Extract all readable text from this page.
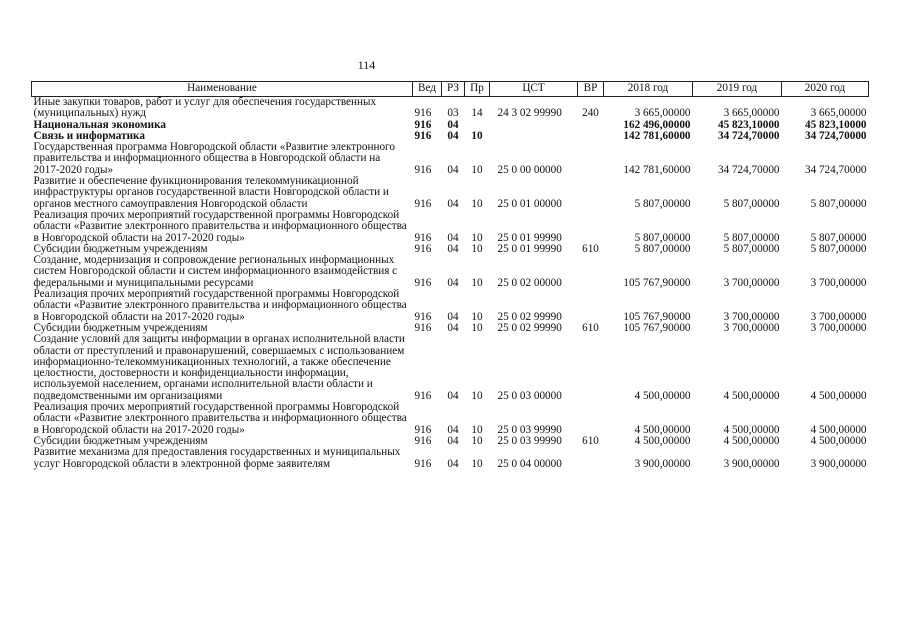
114
Наименование	Вед	РЗ	Пр	ЦСТ	ВР	2018 год	2019 год	2020 год
Иные закупки товаров, работ и услуг для обеспечения государственных (муниципальных) нужд	916	03	14	24 3 02 99990	240	3 665,00000	3 665,00000	3 665,00000
Национальная экономика	916	04				162 496,00000	45 823,10000	45 823,10000
Связь и информатика	916	04	10			142 781,60000	34 724,70000	34 724,70000
Государственная программа Новгородской области «Развитие электронного правительства и информационного общества в Новгородской области на 2017-2020 годы»	916	04	10	25 0 00 00000		142 781,60000	34 724,70000	34 724,70000
Развитие и обеспечение функционирования телекоммуникационной инфраструктуры органов государственной власти Новгородской области и органов местного самоуправления Новгородской области	916	04	10	25 0 01 00000		5 807,00000	5 807,00000	5 807,00000
Реализация прочих мероприятий государственной программы Новгородской области «Развитие электронного правительства и информационного общества в Новгородской области на 2017-2020 годы»	916	04	10	25 0 01 99990		5 807,00000	5 807,00000	5 807,00000
Субсидии бюджетным учреждениям	916	04	10	25 0 01 99990	610	5 807,00000	5 807,00000	5 807,00000
Создание, модернизация и сопровождение региональных информационных систем Новгородской области и систем информационного взаимодействия с федеральными и муниципальными ресурсами	916	04	10	25 0 02 00000		105 767,90000	3 700,00000	3 700,00000
Реализация прочих мероприятий государственной программы Новгородской области «Развитие электронного правительства и информационного общества в Новгородской области на 2017-2020 годы»	916	04	10	25 0 02 99990		105 767,90000	3 700,00000	3 700,00000
Субсидии бюджетным учреждениям	916	04	10	25 0 02 99990	610	105 767,90000	3 700,00000	3 700,00000
Создание условий для защиты информации в органах исполнительной власти области от преступлений и правонарушений, совершаемых с использованием информационно-телекоммуникационных технологий, а также обеспечение целостности, достоверности и конфиденциальности информации, используемой населением, органами исполнительной власти области и подведомственными им организациями	916	04	10	25 0 03 00000		4 500,00000	4 500,00000	4 500,00000
Реализация прочих мероприятий государственной программы Новгородской области «Развитие электронного правительства и информационного общества в Новгородской области на 2017-2020 годы»	916	04	10	25 0 03 99990		4 500,00000	4 500,00000	4 500,00000
Субсидии бюджетным учреждениям	916	04	10	25 0 03 99990	610	4 500,00000	4 500,00000	4 500,00000
Развитие механизма для предоставления государственных и муниципальных услуг Новгородской области в электронной форме заявителям	916	04	10	25 0 04 00000		3 900,00000	3 900,00000	3 900,00000
